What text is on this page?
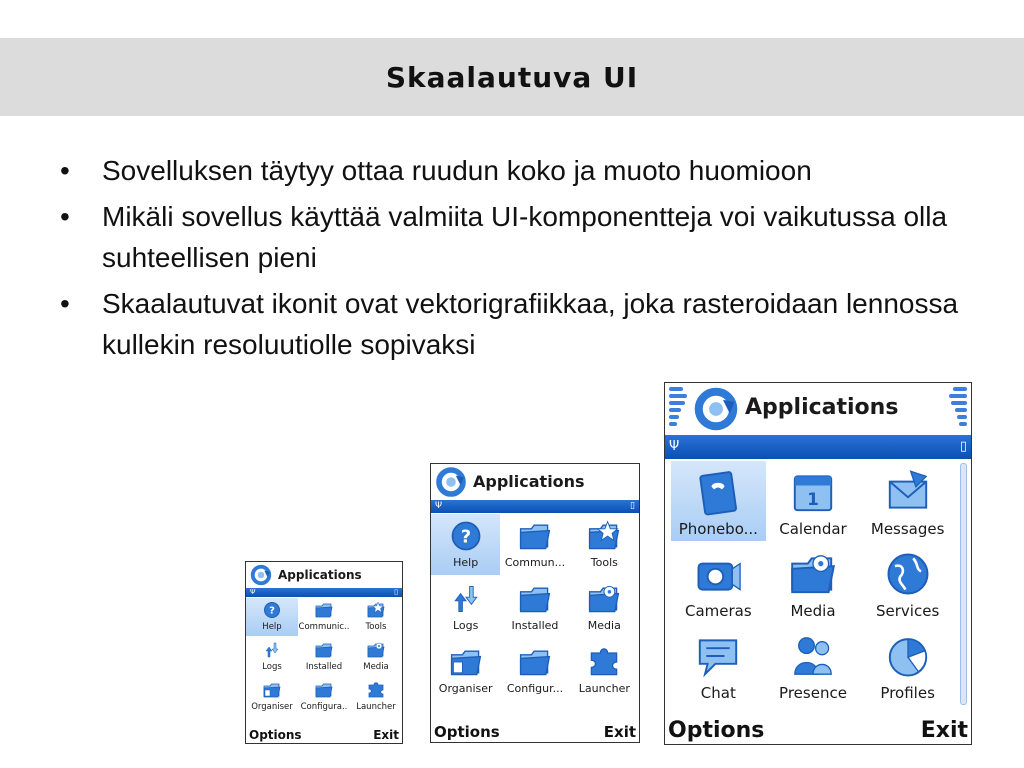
Skaalautuva UI
• Sovelluksen täytyy ottaa ruudun koko ja muoto huomioon
• Mikäli sovellus käyttää valmiita UI-komponentteja voi vaikutussa olla suhteellisen pieni
• Skaalautuvat ikonit ovat vektorigrafiikkaa, joka rasteroidaan lennossa kullekin resoluutiolle sopivaksi
Applications
Ψ	▯
?
Help	Communic..	Tools
Logs	Installed	Media
Organiser Configura..	Launcher
Options	Exit
Applications
Ψ	▯
?
Help	Commun...	Tools
Logs	Installed	Media
Organiser	Configur...	Launcher
Options	Exit
Applications
Ψ	▯
Phonebo...
1
Calendar	Messages
Cameras	Media	Services
Chat	Presence	Profiles
Options	Exit
